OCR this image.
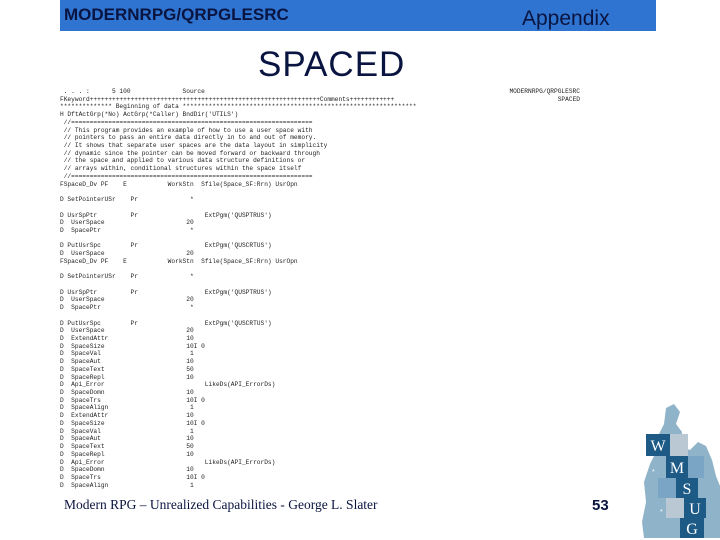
MODERNRPG/QRPGLESRC	Appendix
SPACED
. . . :      5 100              Source
FKeyword++++++++++++++++++++++++++++++++++++++++++++++++++++++++++++++Comments++++++++++++
************** Beginning of data ***************************************************************
H DftActGrp(*No) ActGrp(*Caller) BndDir('UTILS')
//=================================================================
// This program provides an example of how to use a user space with
// pointers to pass an entire data directly in to and out of memory.
// It shows that separate user spaces are the data layout in simplicity
// dynamic since the pointer can be moved forward or backward through
// the space and applied to various data structure definitions or
// arrays within, conditional structures within the space itself
//=================================================================
FSpaceD_Dv PF    E           WorkStn  Sfile(Space_SF:Rrn) UsrOpn
D SetPointerUSr    Pr              *
D UsrSpPtr         Pr                  ExtPgm('QUSPTRUS')
D  UserSpace                      20
D  SpacePtr                        *
D PutUsrSpc        Pr                  ExtPgm('QUSCRTUS')
D  UserSpace                      20
FSpaceD_Dv PF    E           WorkStn  Sfile(Space_SF:Rrn) UsrOpn
D SetPointerUSr    Pr              *
D UsrSpPtr         Pr                  ExtPgm('QUSPTRUS')
D  UserSpace                      20
D  SpacePtr                        *
D PutUsrSpc        Pr                  ExtPgm('QUSCRTUS')
D  UserSpace                      20
D  ExtendAttr                     10
D  SpaceSize                      10I 0
D  SpaceVal                        1
D  SpaceAut                       10
D  SpaceText                      50
D  SpaceRepl                      10
D  Api_Error                           LikeDs(API_ErrorDs)
D  SpaceDomn                      10
D  SpaceTrs                       10I 0
D  SpaceAlign                      1
D  ExtendAttr                     10
D  SpaceSize                      10I 0
D  SpaceVal                        1
D  SpaceAut                       10
D  SpaceText                      50
D  SpaceRepl                      10
D  Api_Error                           LikeDs(API_ErrorDs)
D  SpaceDomn                      10
D  SpaceTrs                       10I 0
D  SpaceAlign                      1
MODERNRPG/QRPGLESRC
SPACED
Modern RPG – Unrealized Capabilities - George L. Slater	53
W
M
S
U
G
*
*
